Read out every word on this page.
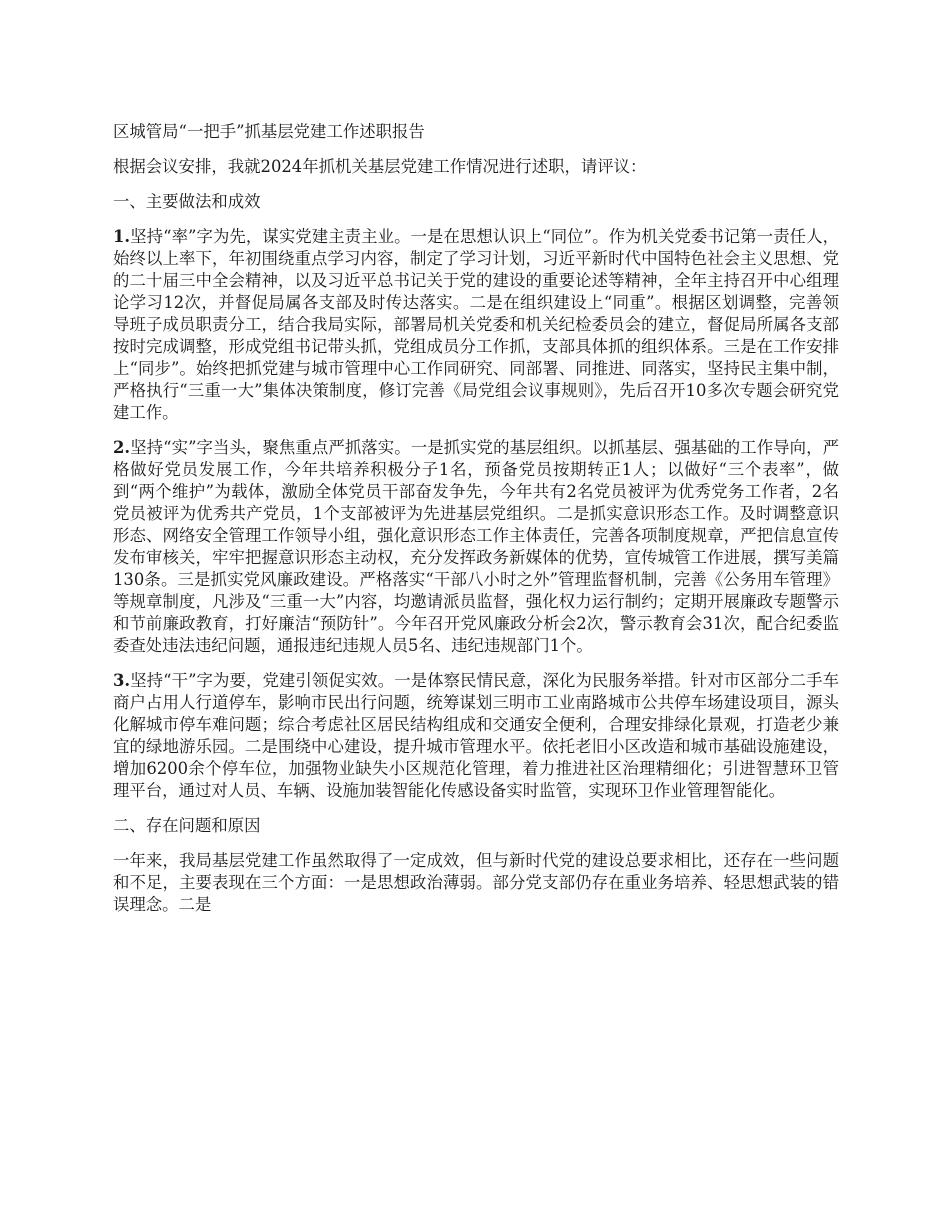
区城管局“一把手”抓基层党建工作述职报告

根据会议安排，我就2024年抓机关基层党建工作情况进行述职，请评议：

一、主要做法和成效

1.坚持“率”字为先，谋实党建主责主业。一是在思想认识上“同位”。作为机关党委书记第一责任人，始终以上率下，年初围绕重点学习内容，制定了学习计划，习近平新时代中国特色社会主义思想、党的二十届三中全会精神，以及习近平总书记关于党的建设的重要论述等精神，全年主持召开中心组理论学习12次，并督促局属各支部及时传达落实。二是在组织建设上“同重”。根据区划调整，完善领导班子成员职责分工，结合我局实际，部署局机关党委和机关纪检委员会的建立，督促局所属各支部按时完成调整，形成党组书记带头抓，党组成员分工作抓，支部具体抓的组织体系。三是在工作安排上“同步”。始终把抓党建与城市管理中心工作同研究、同部署、同推进、同落实，坚持民主集中制，严格执行“三重一大”集体决策制度，修订完善《局党组会议事规则》，先后召开10多次专题会研究党建工作。

2.坚持“实”字当头，聚焦重点严抓落实。一是抓实党的基层组织。以抓基层、强基础的工作导向，严格做好党员发展工作，今年共培养积极分子1名，预备党员按期转正1人；以做好“三个表率”，做到“两个维护”为载体，激励全体党员干部奋发争先，今年共有2名党员被评为优秀党务工作者，2名党员被评为优秀共产党员，1个支部被评为先进基层党组织。二是抓实意识形态工作。及时调整意识形态、网络安全管理工作领导小组，强化意识形态工作主体责任，完善各项制度规章，严把信息宣传发布审核关，牢牢把握意识形态主动权，充分发挥政务新媒体的优势，宣传城管工作进展，撰写美篇130条。三是抓实党风廉政建设。严格落实“干部八小时之外”管理监督机制，完善《公务用车管理》等规章制度，凡涉及“三重一大”内容，均邀请派员监督，强化权力运行制约；定期开展廉政专题警示和节前廉政教育，打好廉洁“预防针”。今年召开党风廉政分析会2次，警示教育会31次，配合纪委监委查处违法违纪问题，通报违纪违规人员5名、违纪违规部门1个。

3.坚持“干”字为要，党建引领促实效。一是体察民情民意，深化为民服务举措。针对市区部分二手车商户占用人行道停车，影响市民出行问题，统筹谋划三明市工业南路城市公共停车场建设项目，源头化解城市停车难问题；综合考虑社区居民结构组成和交通安全便利，合理安排绿化景观，打造老少兼宜的绿地游乐园。二是围绕中心建设，提升城市管理水平。依托老旧小区改造和城市基础设施建设，增加6200余个停车位，加强物业缺失小区规范化管理，着力推进社区治理精细化；引进智慧环卫管理平台，通过对人员、车辆、设施加装智能化传感设备实时监管，实现环卫作业管理智能化。

二、存在问题和原因

一年来，我局基层党建工作虽然取得了一定成效，但与新时代党的建设总要求相比，还存在一些问题和不足，主要表现在三个方面：一是思想政治薄弱。部分党支部仍存在重业务培养、轻思想武装的错误理念。二是
